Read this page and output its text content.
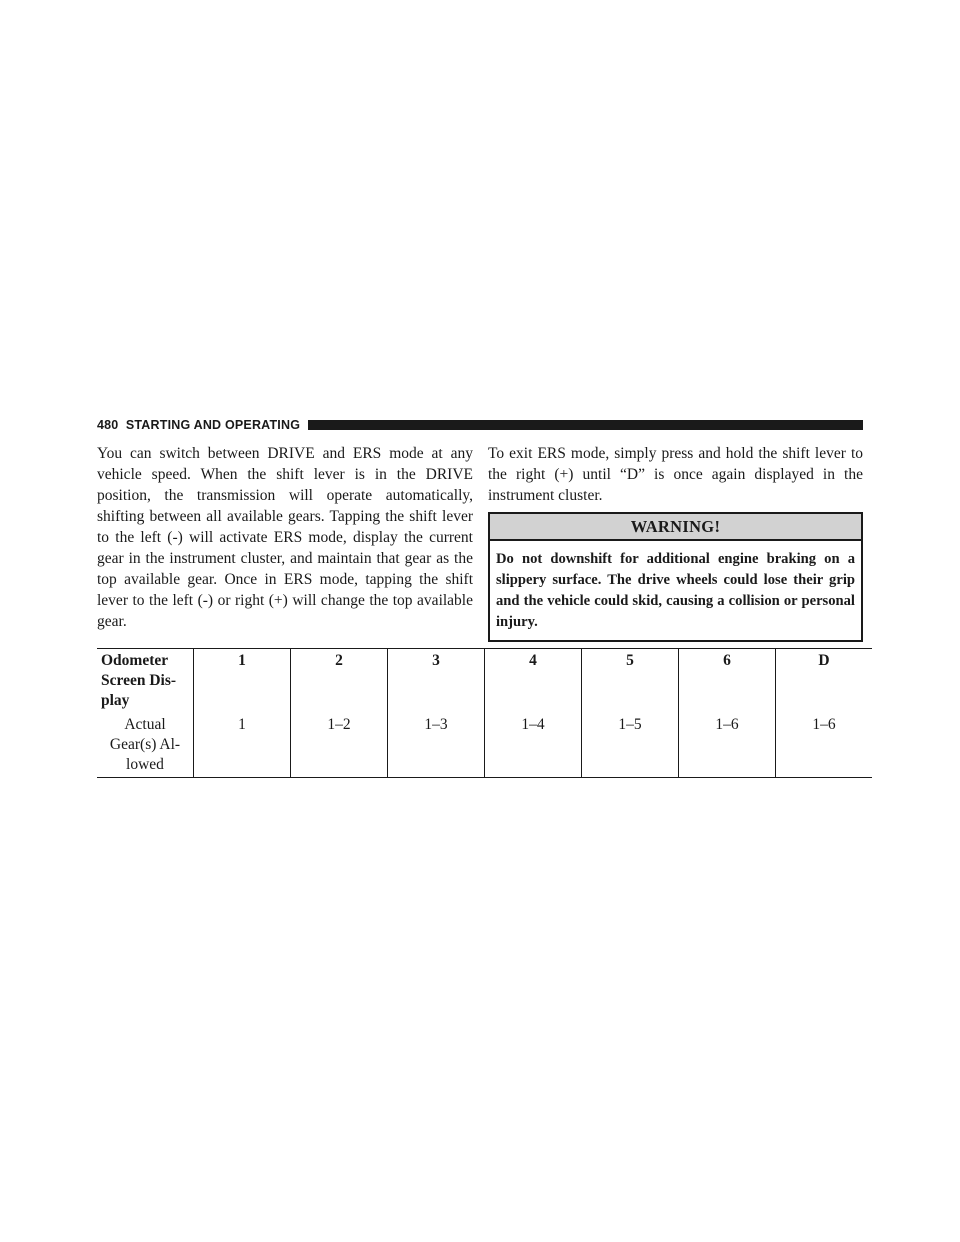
480 STARTING AND OPERATING
You can switch between DRIVE and ERS mode at any vehicle speed. When the shift lever is in the DRIVE position, the transmission will operate automatically, shifting between all available gears. Tapping the shift lever to the left (-) will activate ERS mode, display the current gear in the instrument cluster, and maintain that gear as the top available gear. Once in ERS mode, tapping the shift lever to the left (-) or right (+) will change the top available gear.
To exit ERS mode, simply press and hold the shift lever to the right (+) until “D” is once again displayed in the instrument cluster.
WARNING!
Do not downshift for additional engine braking on a slippery surface. The drive wheels could lose their grip and the vehicle could skid, causing a collision or personal injury.
Odometer Screen Dis-play	1	2	3	4	5	6	D
Actual Gear(s) Al-lowed	1	1–2	1–3	1–4	1–5	1–6	1–6
